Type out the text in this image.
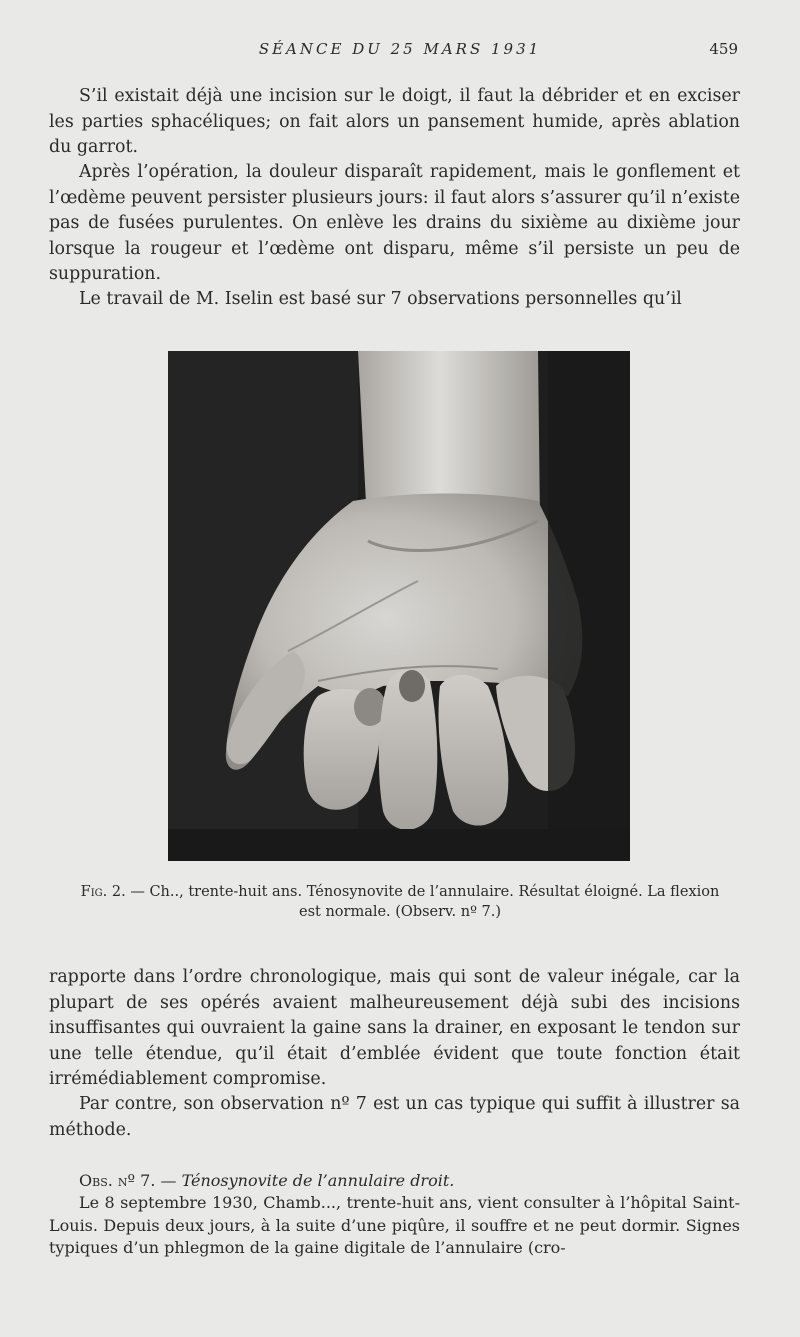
SÉANCE DU 25 MARS 1931	459

S’il existait déjà une incision sur le doigt, il faut la débrider et en exciser les parties sphacéliques; on fait alors un pansement humide, après ablation du garrot.

Après l’opération, la douleur disparaît rapidement, mais le gonflement et l’œdème peuvent persister plusieurs jours: il faut alors s’assurer qu’il n’existe pas de fusées purulentes. On enlève les drains du sixième au dixième jour lorsque la rougeur et l’œdème ont disparu, même s’il persiste un peu de suppuration.

Le travail de M. Iselin est basé sur 7 observations personnelles qu’il

Fig. 2. — Ch.., trente-huit ans. Ténosynovite de l’annulaire. Résultat éloigné. La flexion est normale. (Observ. nº 7.)

rapporte dans l’ordre chronologique, mais qui sont de valeur inégale, car la plupart de ses opérés avaient malheureusement déjà subi des incisions insuffisantes qui ouvraient la gaine sans la drainer, en exposant le tendon sur une telle étendue, qu’il était d’emblée évident que toute fonction était irrémédiablement compromise.

Par contre, son observation nº 7 est un cas typique qui suffit à illustrer sa méthode.

Obs. nº 7. — Ténosynovite de l’annulaire droit.

Le 8 septembre 1930, Chamb..., trente-huit ans, vient consulter à l’hôpital Saint-Louis. Depuis deux jours, à la suite d’une piqûre, il souffre et ne peut dormir. Signes typiques d’un phlegmon de la gaine digitale de l’annulaire (cro-
